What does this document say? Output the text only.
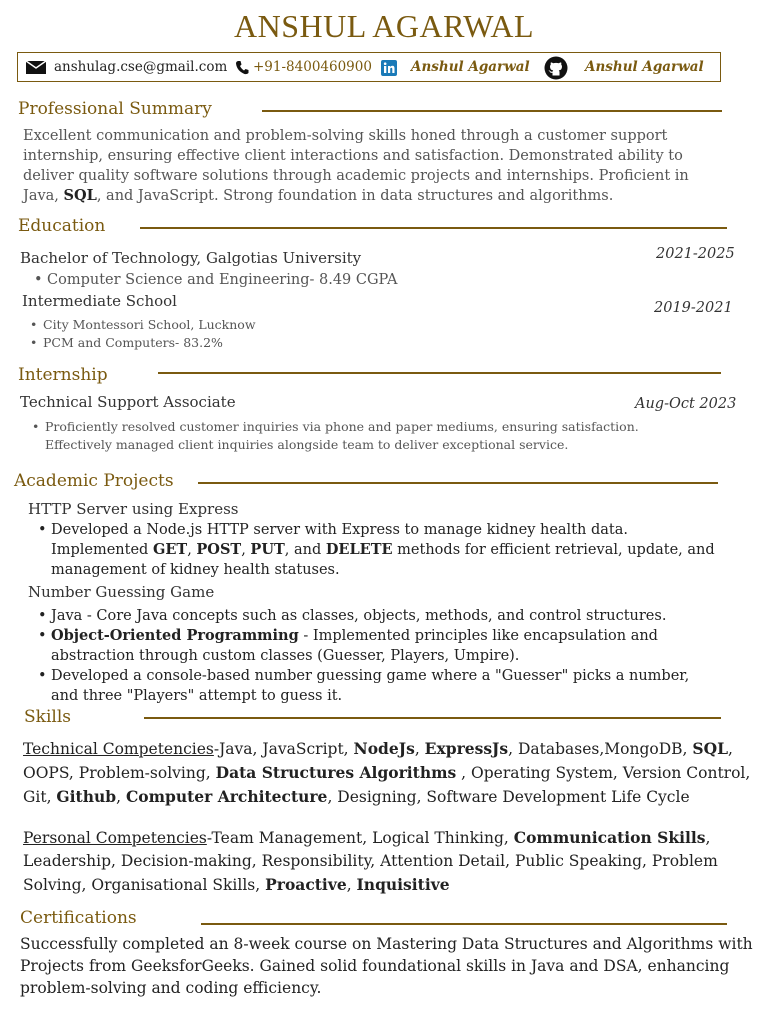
ANSHUL AGARWAL
anshulag.cse@gmail.com +91-8400460900	Anshul Agarwal	Anshul Agarwal
Professional Summary
Excellent communication and problem-solving skills honed through a customer support
internship, ensuring effective client interactions and satisfaction. Demonstrated ability to
deliver quality software solutions through academic projects and internships. Proficient in
Java, SQL, and JavaScript. Strong foundation in data structures and algorithms.
Education
Bachelor of Technology, Galgotias University	2021-2025
• Computer Science and Engineering- 8.49 CGPA
Intermediate School	2019-2021
• City Montessori School, Lucknow
• PCM and Computers- 83.2%
Internship
Technical Support Associate	Aug-Oct 2023
• Proficiently resolved customer inquiries via phone and paper mediums, ensuring satisfaction.
Effectively managed client inquiries alongside team to deliver exceptional service.
Academic Projects
HTTP Server using Express
• Developed a Node.js HTTP server with Express to manage kidney health data.
Implemented GET, POST, PUT, and DELETE methods for efficient retrieval, update, and
management of kidney health statuses.
Number Guessing Game
• Java - Core Java concepts such as classes, objects, methods, and control structures.
• Object-Oriented Programming - Implemented principles like encapsulation and
abstraction through custom classes (Guesser, Players, Umpire).
• Developed a console-based number guessing game where a "Guesser" picks a number,
and three "Players" attempt to guess it.
Skills
Technical Competencies-Java, JavaScript, NodeJs, ExpressJs, Databases,MongoDB, SQL,
OOPS, Problem-solving, Data Structures Algorithms , Operating System, Version Control,
Git, Github, Computer Architecture, Designing, Software Development Life Cycle
Personal Competencies-Team Management, Logical Thinking, Communication Skills,
Leadership, Decision-making, Responsibility, Attention Detail, Public Speaking, Problem
Solving, Organisational Skills, Proactive, Inquisitive
Certifications
Successfully completed an 8-week course on Mastering Data Structures and Algorithms with
Projects from GeeksforGeeks. Gained solid foundational skills in Java and DSA, enhancing
problem-solving and coding efficiency.
